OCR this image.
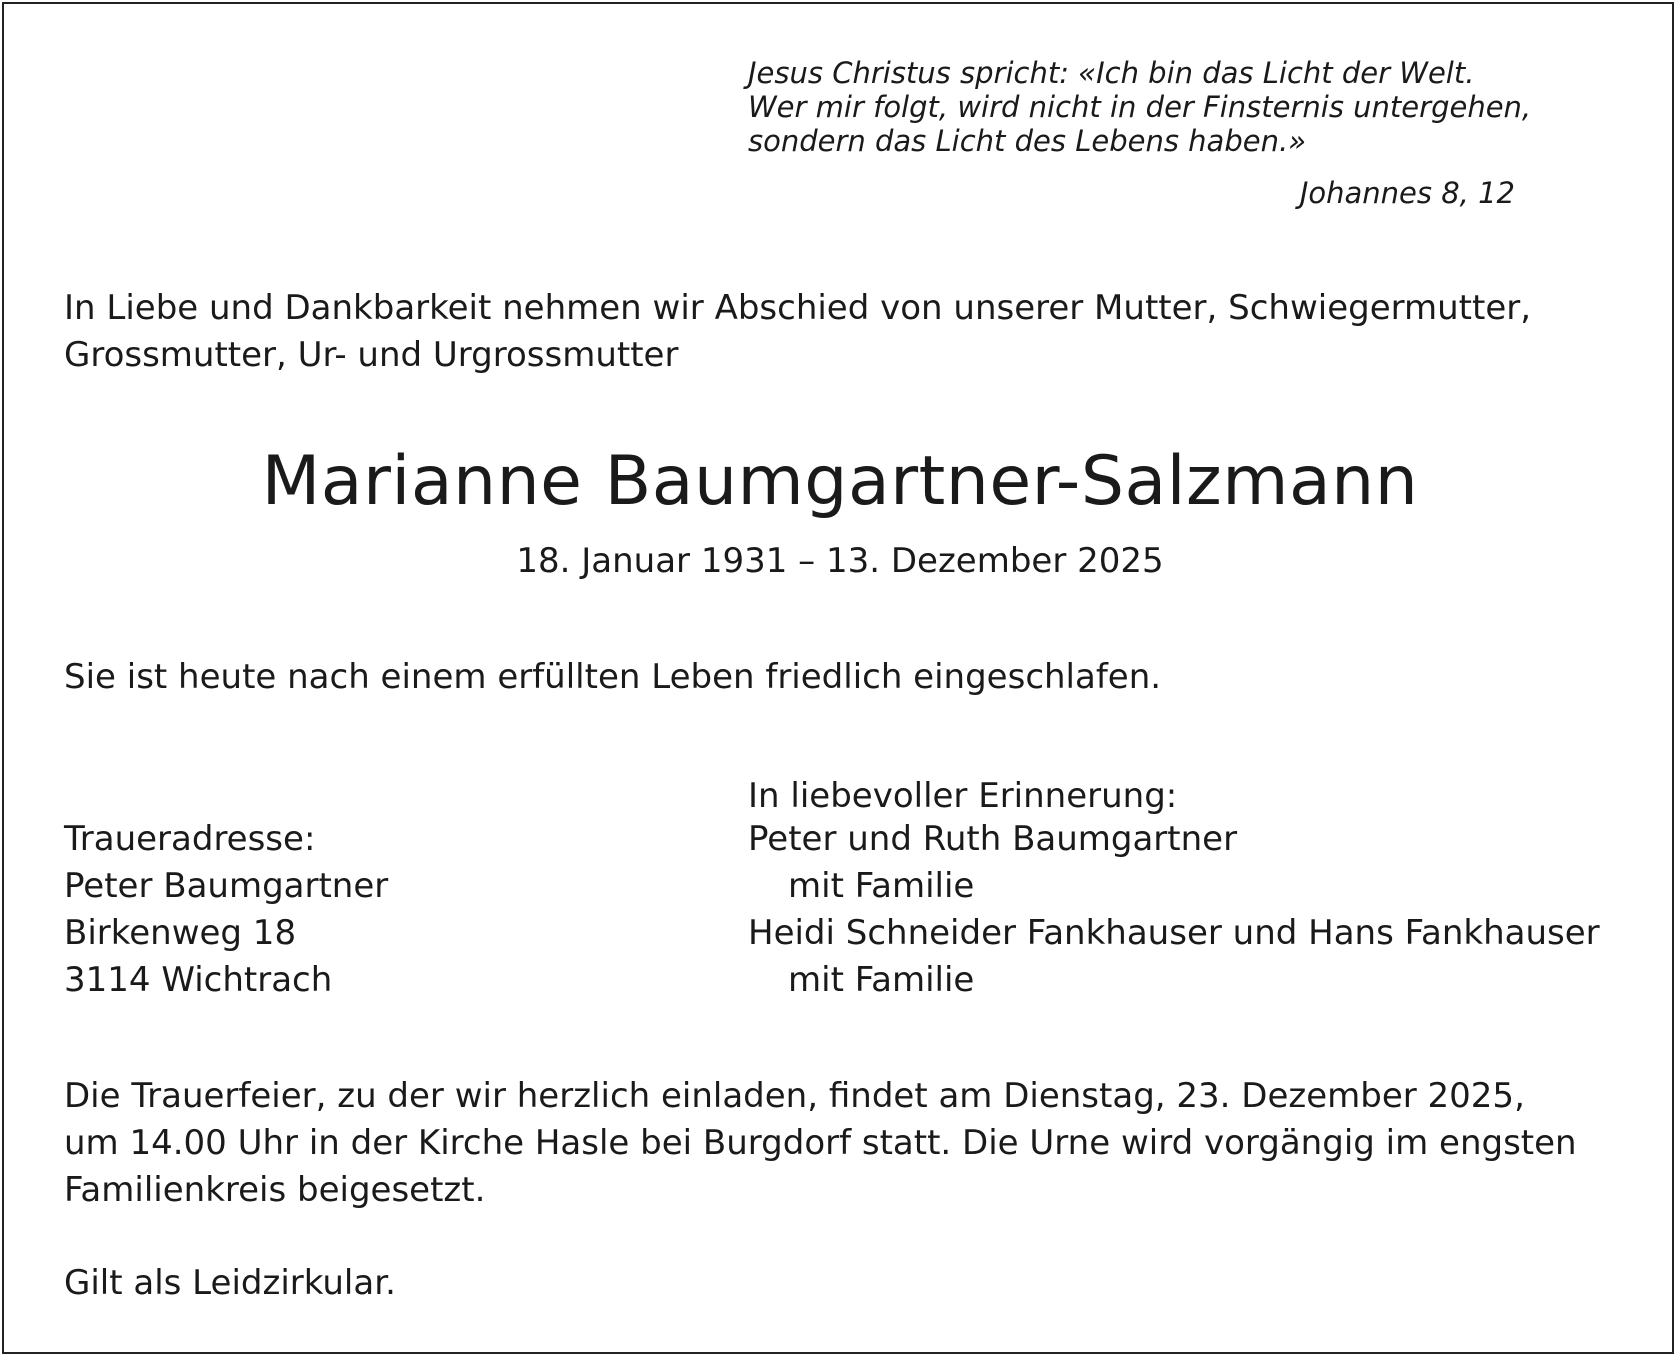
Jesus Christus spricht: «Ich bin das Licht der Welt.
Wer mir folgt, wird nicht in der Finsternis untergehen,
sondern das Licht des Lebens haben.»
Johannes 8, 12
In Liebe und Dankbarkeit nehmen wir Abschied von unserer Mutter, Schwiegermutter,
Grossmutter, Ur- und Urgrossmutter
Marianne Baumgartner-Salzmann
18. Januar 1931 – 13. Dezember 2025
Sie ist heute nach einem erfüllten Leben friedlich eingeschlafen.
Traueradresse:
Peter Baumgartner
Birkenweg 18
3114 Wichtrach
In liebevoller Erinnerung:
Peter und Ruth Baumgartner
mit Familie
Heidi Schneider Fankhauser und Hans Fankhauser
mit Familie
Die Trauerfeier, zu der wir herzlich einladen, findet am Dienstag, 23. Dezember 2025,
um 14.00 Uhr in der Kirche Hasle bei Burgdorf statt. Die Urne wird vorgängig im engsten
Familienkreis beigesetzt.
Gilt als Leidzirkular.
